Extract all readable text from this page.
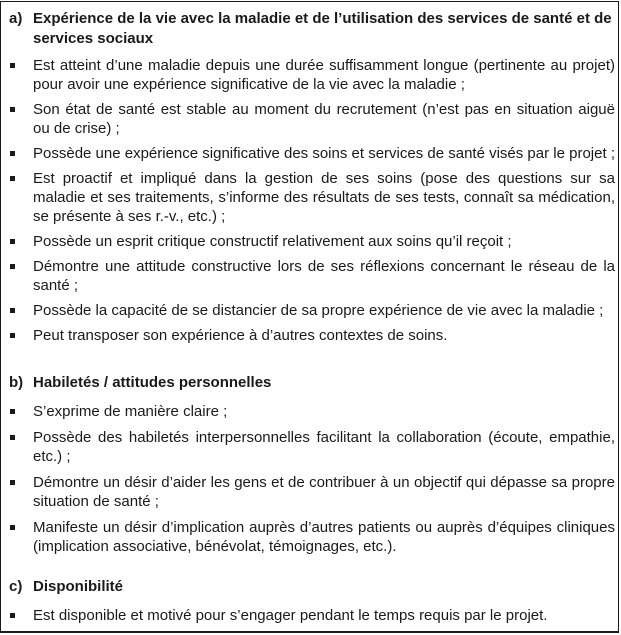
a) Expérience de la vie avec la maladie et de l’utilisation des services de santé et de services sociaux

Est atteint d’une maladie depuis une durée suffisamment longue (pertinente au projet) pour avoir une expérience significative de la vie avec la maladie ;
Son état de santé est stable au moment du recrutement (n’est pas en situation aiguë ou de crise) ;
Possède une expérience significative des soins et services de santé visés par le projet ;
Est proactif et impliqué dans la gestion de ses soins (pose des questions sur sa maladie et ses traitements, s’informe des résultats de ses tests, connaît sa médication, se présente à ses r.-v., etc.) ;
Possède un esprit critique constructif relativement aux soins qu’il reçoit ;
Démontre une attitude constructive lors de ses réflexions concernant le réseau de la santé ;
Possède la capacité de se distancier de sa propre expérience de vie avec la maladie ;
Peut transposer son expérience à d’autres contextes de soins.

b) Habiletés / attitudes personnelles

S’exprime de manière claire ;
Possède des habiletés interpersonnelles facilitant la collaboration (écoute, empathie, etc.) ;
Démontre un désir d’aider les gens et de contribuer à un objectif qui dépasse sa propre situation de santé ;
Manifeste un désir d’implication auprès d’autres patients ou auprès d’équipes cliniques (implication associative, bénévolat, témoignages, etc.).

c) Disponibilité

Est disponible et motivé pour s’engager pendant le temps requis par le projet.
